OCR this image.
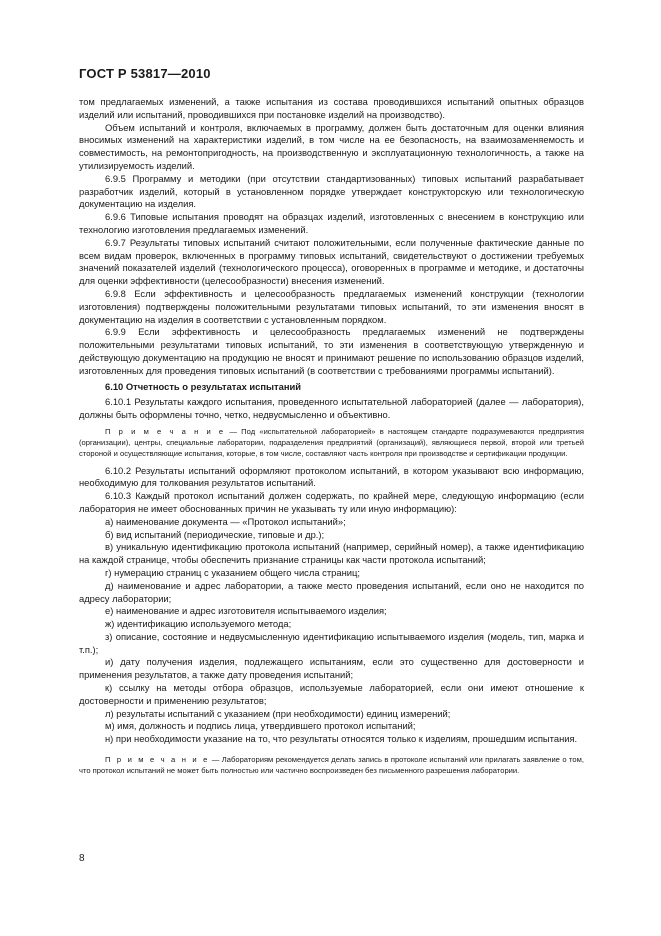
ГОСТ Р 53817—2010

том предлагаемых изменений, а также испытания из состава проводившихся испытаний опытных образцов изделий или испытаний, проводившихся при постановке изделий на производство).

Объем испытаний и контроля, включаемых в программу, должен быть достаточным для оценки влияния вносимых изменений на характеристики изделий, в том числе на ее безопасность, на взаимозаменяемость и совместимость, на ремонтопригодность, на производственную и эксплуатационную технологичность, а также на утилизируемость изделий.

6.9.5 Программу и методики (при отсутствии стандартизованных) типовых испытаний разрабатывает разработчик изделий, который в установленном порядке утверждает конструкторскую или технологическую документацию на изделия.

6.9.6 Типовые испытания проводят на образцах изделий, изготовленных с внесением в конструкцию или технологию изготовления предлагаемых изменений.

6.9.7 Результаты типовых испытаний считают положительными, если полученные фактические данные по всем видам проверок, включенных в программу типовых испытаний, свидетельствуют о достижении требуемых значений показателей изделий (технологического процесса), оговоренных в программе и методике, и достаточны для оценки эффективности (целесообразности) внесения изменений.

6.9.8 Если эффективность и целесообразность предлагаемых изменений конструкции (технологии изготовления) подтверждены положительными результатами типовых испытаний, то эти изменения вносят в документацию на изделия в соответствии с установленным порядком.

6.9.9 Если эффективность и целесообразность предлагаемых изменений не подтверждены положительными результатами типовых испытаний, то эти изменения в соответствующую утвержденную и действующую документацию на продукцию не вносят и принимают решение по использованию образцов изделий, изготовленных для проведения типовых испытаний (в соответствии с требованиями программы испытаний).

6.10 Отчетность о результатах испытаний

6.10.1 Результаты каждого испытания, проведенного испытательной лабораторией (далее — лаборатория), должны быть оформлены точно, четко, недвусмысленно и объективно.

П р и м е ч а н и е — Под «испытательной лабораторией» в настоящем стандарте подразумеваются предприятия (организации), центры, специальные лаборатории, подразделения предприятий (организаций), являющиеся первой, второй или третьей стороной и осуществляющие испытания, которые, в том числе, составляют часть контроля при производстве и сертификации продукции.

6.10.2 Результаты испытаний оформляют протоколом испытаний, в котором указывают всю информацию, необходимую для толкования результатов испытаний.

6.10.3 Каждый протокол испытаний должен содержать, по крайней мере, следующую информацию (если лаборатория не имеет обоснованных причин не указывать ту или иную информацию):

а) наименование документа — «Протокол испытаний»;

б) вид испытаний (периодические, типовые и др.);

в) уникальную идентификацию протокола испытаний (например, серийный номер), а также идентификацию на каждой странице, чтобы обеспечить признание страницы как части протокола испытаний;

г) нумерацию страниц с указанием общего числа страниц;

д) наименование и адрес лаборатории, а также место проведения испытаний, если оно не находится по адресу лаборатории;

е) наименование и адрес изготовителя испытываемого изделия;

ж) идентификацию используемого метода;

з) описание, состояние и недвусмысленную идентификацию испытываемого изделия (модель, тип, марка и т.п.);

и) дату получения изделия, подлежащего испытаниям, если это существенно для достоверности и применения результатов, а также дату проведения испытаний;

к) ссылку на методы отбора образцов, используемые лабораторией, если они имеют отношение к достоверности и применению результатов;

л) результаты испытаний с указанием (при необходимости) единиц измерений;

м) имя, должность и подпись лица, утвердившего протокол испытаний;

н) при необходимости указание на то, что результаты относятся только к изделиям, прошедшим испытания.

П р и м е ч а н и е — Лабораториям рекомендуется делать запись в протоколе испытаний или прилагать заявление о том, что протокол испытаний не может быть полностью или частично воспроизведен без письменного разрешения лаборатории.

8
